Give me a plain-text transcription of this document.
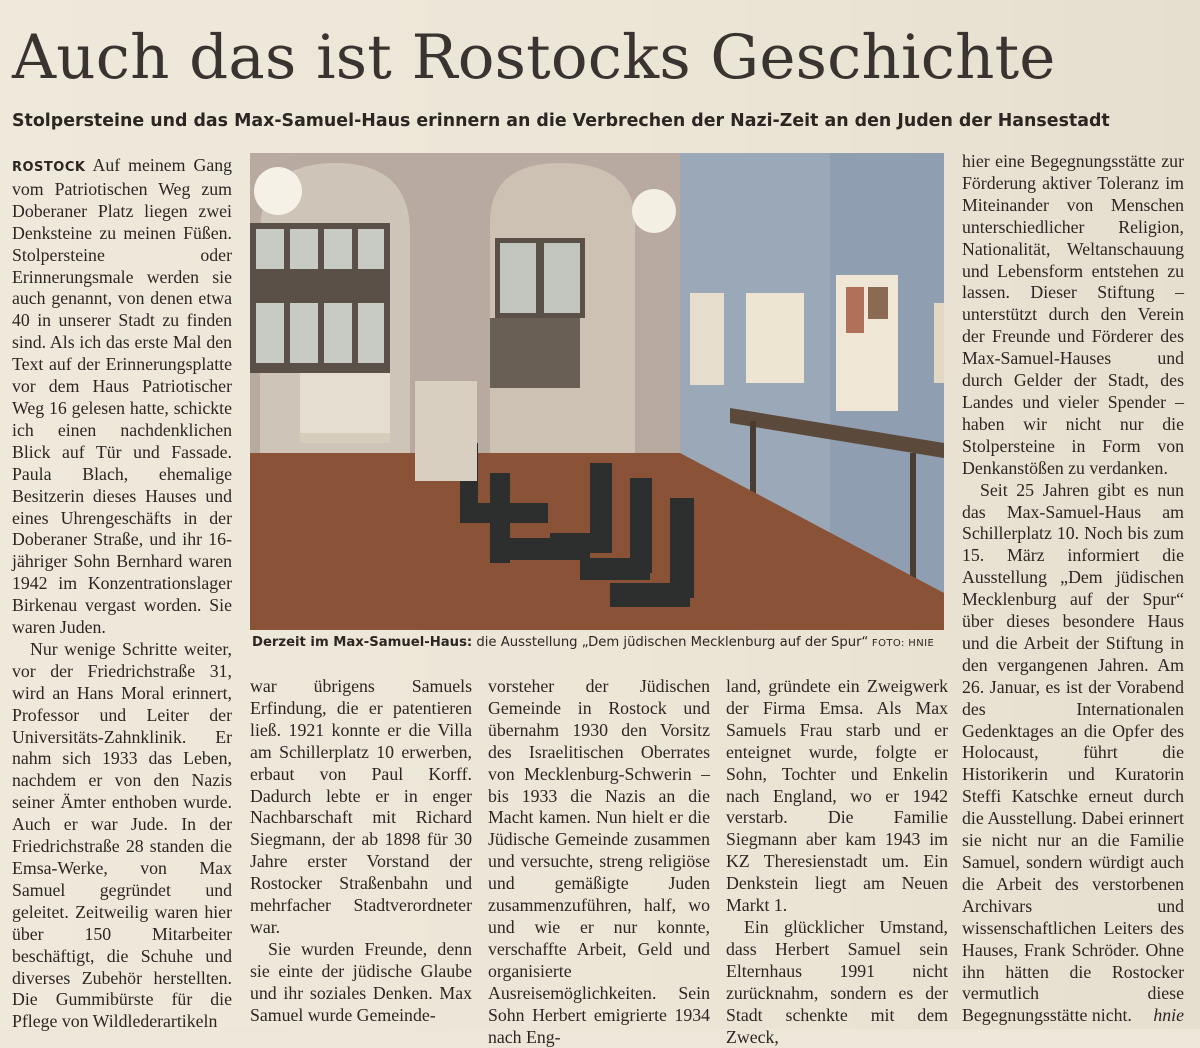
Auch das ist Rostocks Geschichte
Stolpersteine und das Max-Samuel-Haus erinnern an die Verbrechen der Nazi-Zeit an den Juden der Hansestadt

ROSTOCK Auf meinem Gang vom Patriotischen Weg zum Doberaner Platz liegen zwei Denksteine zu meinen Füßen. Stolpersteine oder Erinnerungsmale werden sie auch genannt, von denen etwa 40 in unserer Stadt zu finden sind. Als ich das erste Mal den Text auf der Erinnerungsplatte vor dem Haus Patriotischer Weg 16 gelesen hatte, schickte ich einen nachdenklichen Blick auf Tür und Fassade. Paula Blach, ehemalige Besitzerin dieses Hauses und eines Uhrengeschäfts in der Doberaner Straße, und ihr 16-jähriger Sohn Bernhard waren 1942 im Konzentrationslager Birkenau vergast worden. Sie waren Juden.

Nur wenige Schritte weiter, vor der Friedrichstraße 31, wird an Hans Moral erinnert, Professor und Leiter der Universitäts-Zahnklinik. Er nahm sich 1933 das Leben, nachdem er von den Nazis seiner Ämter enthoben wurde. Auch er war Jude. In der Friedrichstraße 28 standen die Emsa-Werke, von Max Samuel gegründet und geleitet. Zeitweilig waren hier über 150 Mitarbeiter beschäftigt, die Schuhe und diverses Zubehör herstellten. Die Gummibürste für die Pflege von Wildlederartikeln

Derzeit im Max-Samuel-Haus: die Ausstellung „Dem jüdischen Mecklenburg auf der Spur“ FOTO: HNIE

war übrigens Samuels Erfindung, die er patentieren ließ. 1921 konnte er die Villa am Schillerplatz 10 erwerben, erbaut von Paul Korff. Dadurch lebte er in enger Nachbarschaft mit Richard Siegmann, der ab 1898 für 30 Jahre erster Vorstand der Rostocker Straßenbahn und mehrfacher Stadtverordneter war.

Sie wurden Freunde, denn sie einte der jüdische Glaube und ihr soziales Denken. Max Samuel wurde Gemeinde-

vorsteher der Jüdischen Gemeinde in Rostock und übernahm 1930 den Vorsitz des Israelitischen Oberrates von Mecklenburg-Schwerin – bis 1933 die Nazis an die Macht kamen. Nun hielt er die Jüdische Gemeinde zusammen und versuchte, streng religiöse und gemäßigte Juden zusammenzuführen, half, wo und wie er nur konnte, verschaffte Arbeit, Geld und organisierte Ausreisemöglichkeiten. Sein Sohn Herbert emigrierte 1934 nach Eng-

land, gründete ein Zweigwerk der Firma Emsa. Als Max Samuels Frau starb und er enteignet wurde, folgte er Sohn, Tochter und Enkelin nach England, wo er 1942 verstarb. Die Familie Siegmann aber kam 1943 im KZ Theresienstadt um. Ein Denkstein liegt am Neuen Markt 1.

Ein glücklicher Umstand, dass Herbert Samuel sein Elternhaus 1991 nicht zurücknahm, sondern es der Stadt schenkte mit dem Zweck,

hier eine Begegnungsstätte zur Förderung aktiver Toleranz im Miteinander von Menschen unterschiedlicher Religion, Nationalität, Weltanschauung und Lebensform entstehen zu lassen. Dieser Stiftung – unterstützt durch den Verein der Freunde und Förderer des Max-Samuel-Hauses und durch Gelder der Stadt, des Landes und vieler Spender – haben wir nicht nur die Stolpersteine in Form von Denkanstößen zu verdanken.

Seit 25 Jahren gibt es nun das Max-Samuel-Haus am Schillerplatz 10. Noch bis zum 15. März informiert die Ausstellung „Dem jüdischen Mecklenburg auf der Spur“ über dieses besondere Haus und die Arbeit der Stiftung in den vergangenen Jahren. Am 26. Januar, es ist der Vorabend des Internationalen Gedenktages an die Opfer des Holocaust, führt die Historikerin und Kuratorin Steffi Katschke erneut durch die Ausstellung. Dabei erinnert sie nicht nur an die Familie Samuel, sondern würdigt auch die Arbeit des verstorbenen Archivars und wissenschaftlichen Leiters des Hauses, Frank Schröder. Ohne ihn hätten die Rostocker vermutlich diese Begegnungsstätte nicht.	hnie
